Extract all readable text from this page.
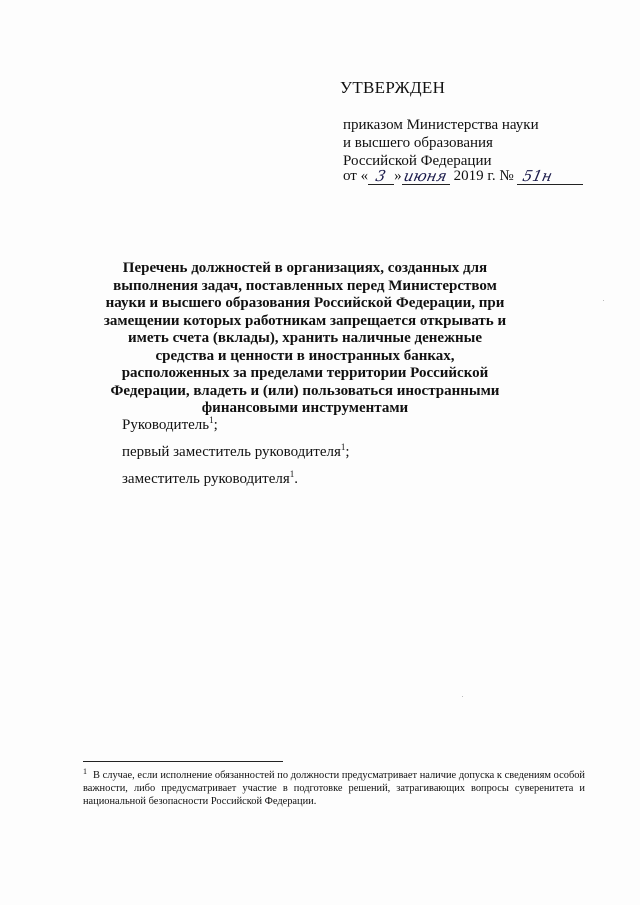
УТВЕРЖДЕН
приказом Министерства науки
и высшего образования
Российской Федерации
от « 3 » июня 2019 г. № 51н
Перечень должностей в организациях, созданных для выполнения задач, поставленных перед Министерством науки и высшего образования Российской Федерации, при замещении которых работникам запрещается открывать и иметь счета (вклады), хранить наличные денежные средства и ценности в иностранных банках, расположенных за пределами территории Российской Федерации, владеть и (или) пользоваться иностранными финансовыми инструментами
Руководитель$^1$;
первый заместитель руководителя$^1$;
заместитель руководителя$^1$.
$^1$ В случае, если исполнение обязанностей по должности предусматривает наличие допуска к сведениям особой важности, либо предусматривает участие в подготовке решений, затрагивающих вопросы суверенитета и национальной безопасности Российской Федерации.
